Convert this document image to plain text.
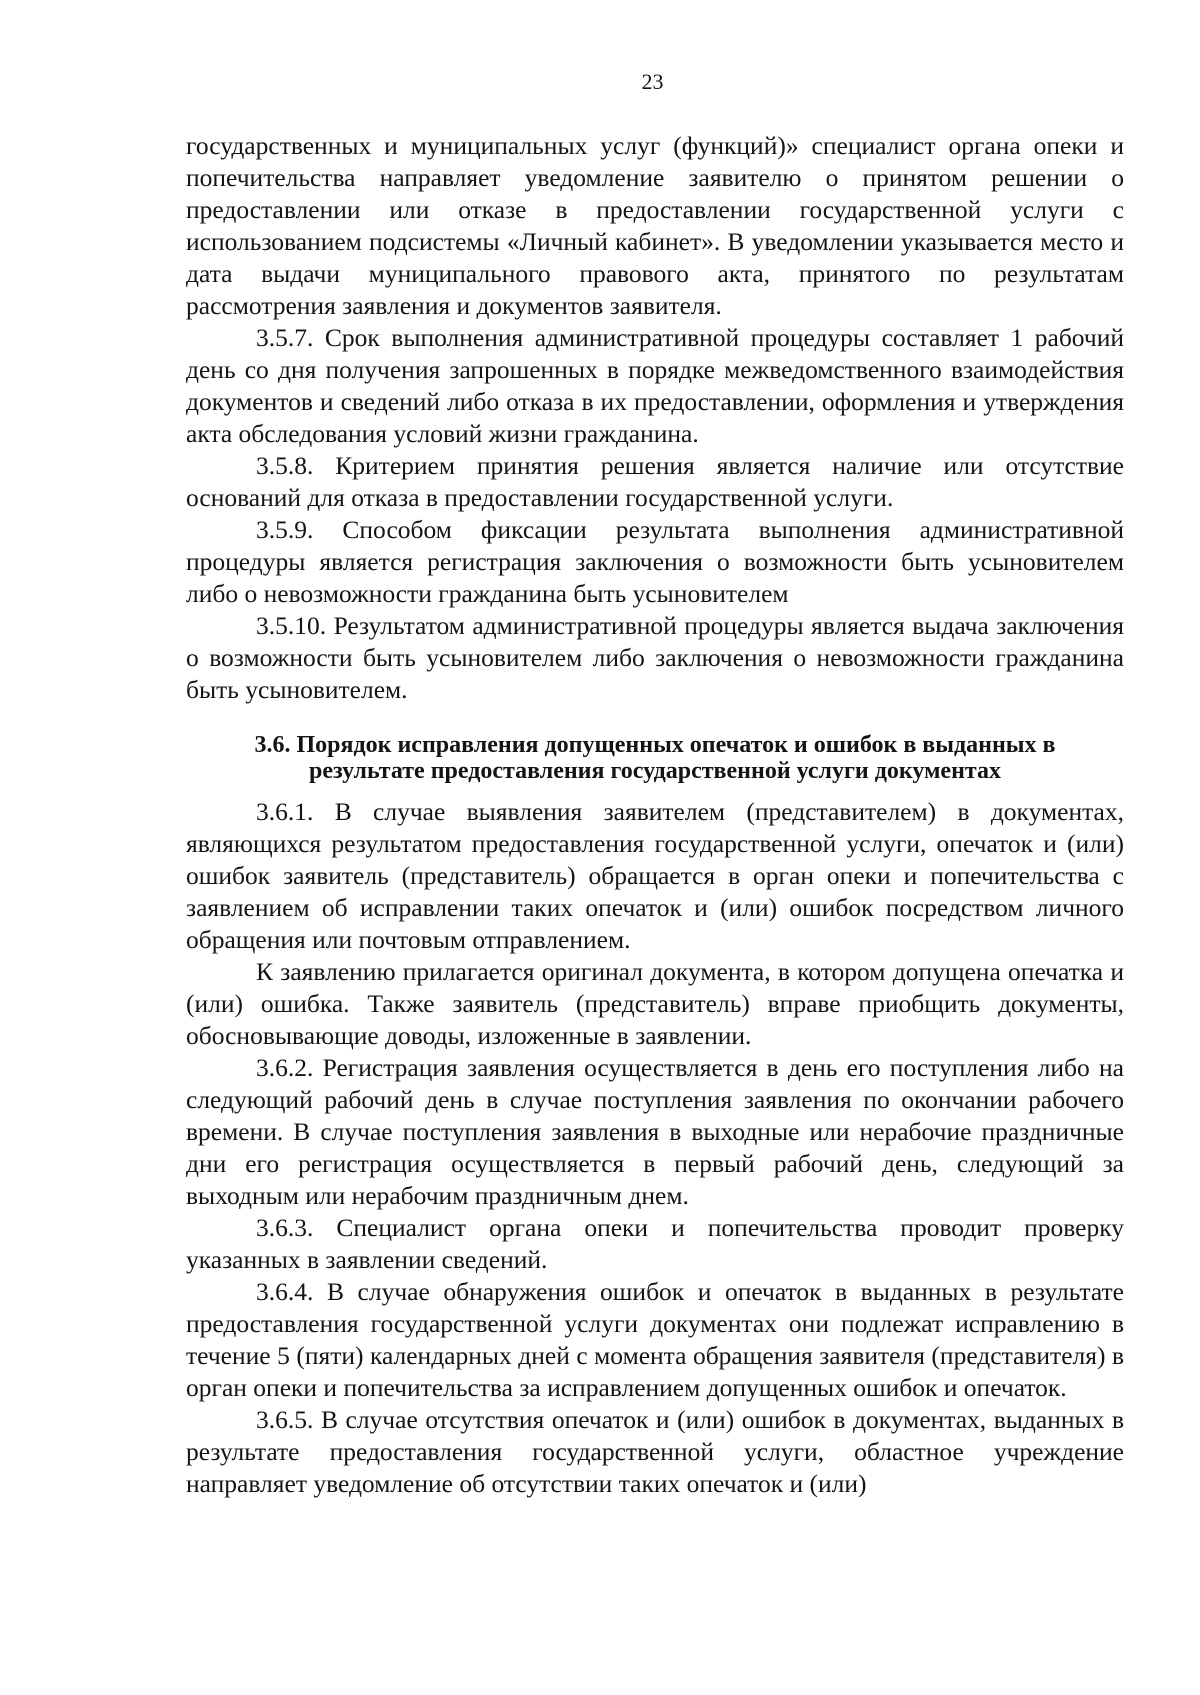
23

государственных и муниципальных услуг (функций)» специалист органа опеки и попечительства направляет уведомление заявителю о принятом решении о предоставлении или отказе в предоставлении государственной услуги с использованием подсистемы «Личный кабинет». В уведомлении указывается место и дата выдачи муниципального правового акта, принятого по результатам рассмотрения заявления и документов заявителя.

3.5.7. Срок выполнения административной процедуры составляет 1 рабочий день со дня получения запрошенных в порядке межведомственного взаимодействия документов и сведений либо отказа в их предоставлении, оформления и утверждения акта обследования условий жизни гражданина.

3.5.8. Критерием принятия решения является наличие или отсутствие оснований для отказа в предоставлении государственной услуги.

3.5.9. Способом фиксации результата выполнения административной процедуры является регистрация заключения о возможности быть усыновителем либо о невозможности гражданина быть усыновителем

3.5.10. Результатом административной процедуры является выдача заключения о возможности быть усыновителем либо заключения о невозможности гражданина быть усыновителем.

3.6. Порядок исправления допущенных опечаток и ошибок в выданных в результате предоставления государственной услуги документах

3.6.1. В случае выявления заявителем (представителем) в документах, являющихся результатом предоставления государственной услуги, опечаток и (или) ошибок заявитель (представитель) обращается в орган опеки и попечительства с заявлением об исправлении таких опечаток и (или) ошибок посредством личного обращения или почтовым отправлением.

К заявлению прилагается оригинал документа, в котором допущена опечатка и (или) ошибка. Также заявитель (представитель) вправе приобщить документы, обосновывающие доводы, изложенные в заявлении.

3.6.2. Регистрация заявления осуществляется в день его поступления либо на следующий рабочий день в случае поступления заявления по окончании рабочего времени. В случае поступления заявления в выходные или нерабочие праздничные дни его регистрация осуществляется в первый рабочий день, следующий за выходным или нерабочим праздничным днем.

3.6.3. Специалист органа опеки и попечительства проводит проверку указанных в заявлении сведений.

3.6.4. В случае обнаружения ошибок и опечаток в выданных в результате предоставления государственной услуги документах они подлежат исправлению в течение 5 (пяти) календарных дней с момента обращения заявителя (представителя) в орган опеки и попечительства за исправлением допущенных ошибок и опечаток.

3.6.5. В случае отсутствия опечаток и (или) ошибок в документах, выданных в результате предоставления государственной услуги, областное учреждение направляет уведомление об отсутствии таких опечаток и (или)
